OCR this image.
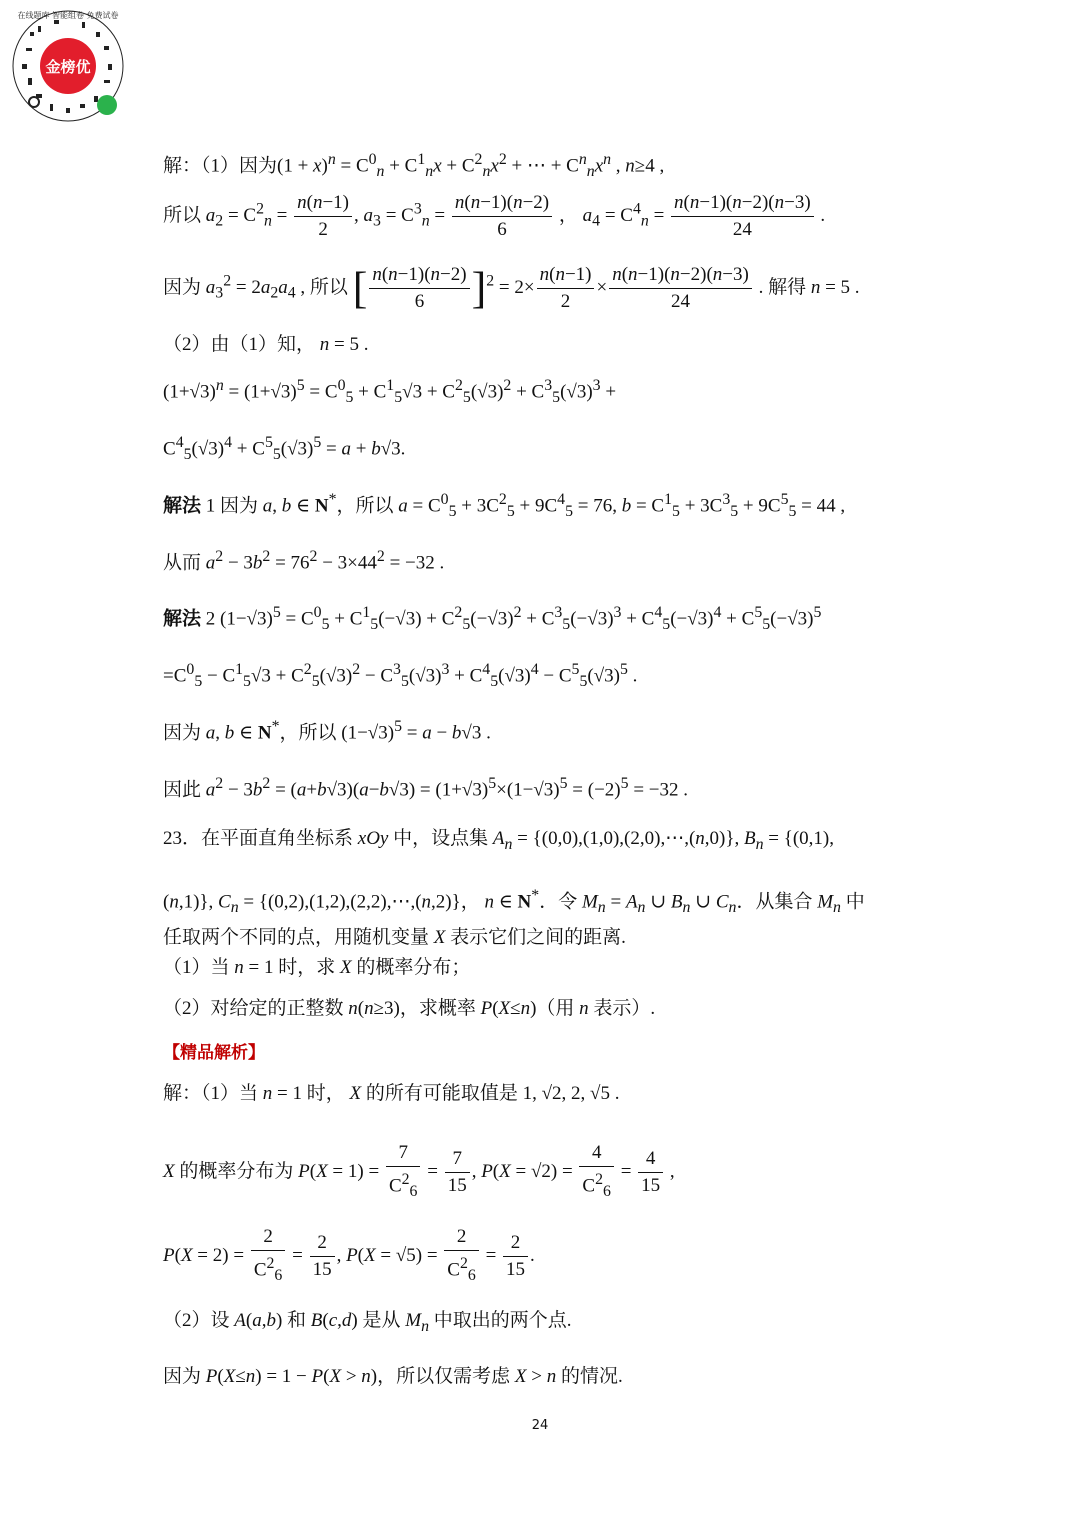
金榜优
在线题库 智能组卷 免费试卷
解：（1）因为$(1 + x)^n = C^0_n + C^1_nx + C^2_nx^2$ + ⋯ + $C^n_nx^n$ , n≥4 ,
所以 $a_2 = C^2_n = \frac{n(n-1)}{2}$ , $a_3 = C^3_n = \frac{n(n-1)(n-2)}{6}$ ， $a_4 = C^4_n = \frac{n(n-1)(n-2)(n-3)}{24}$ .
因为 $a_3^2 = 2a_2a_4$ , 所以 [ $\frac{n(n-1)(n-2)}{6} ]^2 = 2\times \frac{n(n-1)}{2} \times \frac{n(n-1)(n-2)(n-3)}{24}$ . 解得 n = 5 .
（2）由（1）知， n = 5 .
$(1+√3)^n = (1+√3)^5 = C^0_5 + C^1_5√3 + C^2_5(√3)^2 + C^3_5(√3)^3$ +
$C^4_5(√3)^4 + C^5_5(√3)^5 = a + b√3$.
解法 1 因为 a, b ∈ N*，所以 $a = C^0_5 + 3C^2_5 + 9C^4_5 = 76$, $b = C^1_5 + 3C^3_5 + 9C^5_5 = 44$ ,
从而 $a^2 - 3b^2 = 76^2 - 3\times 44^2 = -32$ .
解法 2 $(1-√3)^5 = C^0_5 + C^1_5(-√3) + C^2_5(-√3)^2 + C^3_5(-√3)^3 + C^4_5(-√3)^4 + C^5_5(-√3)^5$
$=C^0_5 - C^1_5√3 + C^2_5(√3)^2 - C^3_5(√3)^3 + C^4_5(√3)^4 - C^5_5(√3)^5$ .
因为 a, b ∈ N*，所以 $(1-√3)^5 = a - b√3$ .
因此 $a^2 - 3b^2 = (a+b√3)(a-b√3) = (1+√3)^5\times(1-√3)^5 = (-2)^5 = -32$ .
23．在平面直角坐标系 xOy 中，设点集 $A_n$ = {(0,0),(1,0),(2,0),⋯,(n,0)}, $B_n = \{(0,1)$,
(n,1)}, $C_n$ = {(0,2),(1,2),(2,2),⋯,(n,2)}， n ∈ N*．令 $M_n = A_n$ ∪ $B_n$ ∪ $C_n$．从集合 $M_n$ 中
任取两个不同的点，用随机变量 X 表示它们之间的距离.
（1）当 n = 1 时，求 X 的概率分布；
（2）对给定的正整数 n(n≥3)，求概率 P(X≤n)（用 n 表示）.
【精品解析】
解：（1）当 n = 1 时， X 的所有可能取值是 1, √2, 2, √5 .
X 的概率分布为 $P(X = 1) = \frac{7}{C^2_6} = \frac{7}{15}$ , $P(X = √2) = \frac{4}{C^2_6} = \frac{4}{15}$ ,
$P(X = 2) = \frac{2}{C^2_6} = \frac{2}{15}$ , $P(X = √5) = \frac{2}{C^2_6} = \frac{2}{15}$ .
（2）设 A(a,b) 和 B(c,d) 是从 $M_n$ 中取出的两个点.
因为 P(X≤n) = 1 − P(X > n)，所以仅需考虑 X > n 的情况.
24
